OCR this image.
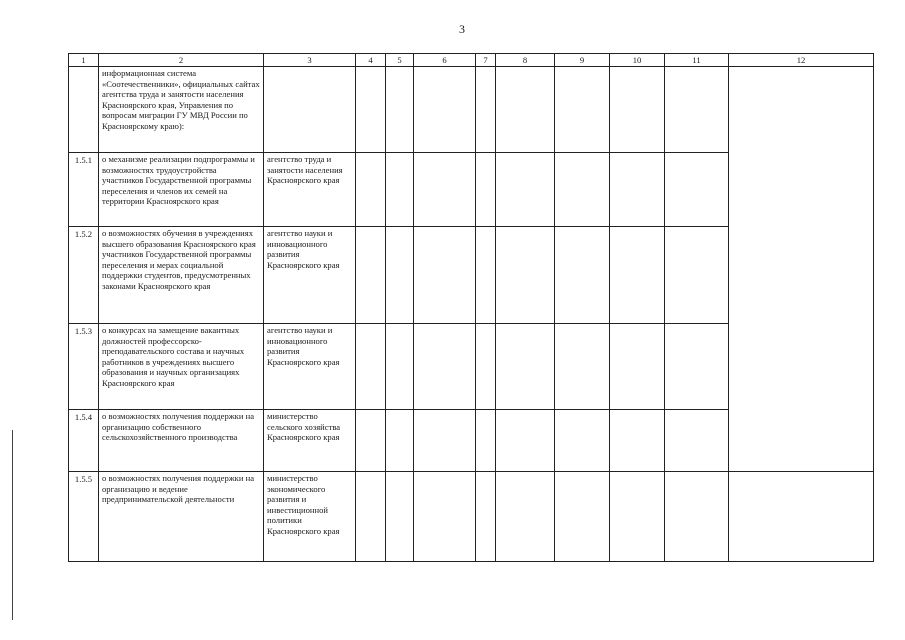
3
1	2	3	4	5	6	7	8	9	10	11	12
	информационная система «Соотечественники», официальных сайтах агентства труда и занятости населения Красноярского края, Управления по вопросам миграции ГУ МВД России по Красноярскому краю):										
1.5.1	о механизме реализации подпрограммы и возможностях трудоустройства участников Государственной программы переселения и членов их семей на территории Красноярского края	агентство труда и занятости населения Красноярского края									
1.5.2	о возможностях обучения в учреждениях высшего образования Красноярского края участников Государственной программы переселения и мерах социальной поддержки студентов, предусмотренных законами Красноярского края	агентство науки и инновационного развития Красноярского края									
1.5.3	о конкурсах на замещение вакантных должностей профессорско-преподавательского состава и научных работников в учреждениях высшего образования и научных организациях Красноярского края	агентство науки и инновационного развития Красноярского края									
1.5.4	о возможностях получения поддержки на организацию собственного сельскохозяйственного производства	министерство сельского хозяйства Красноярского края									
1.5.5	о возможностях получения поддержки на организацию и ведение предпринимательской деятельности	министерство экономического развития и инвестиционной политики Красноярского края									
